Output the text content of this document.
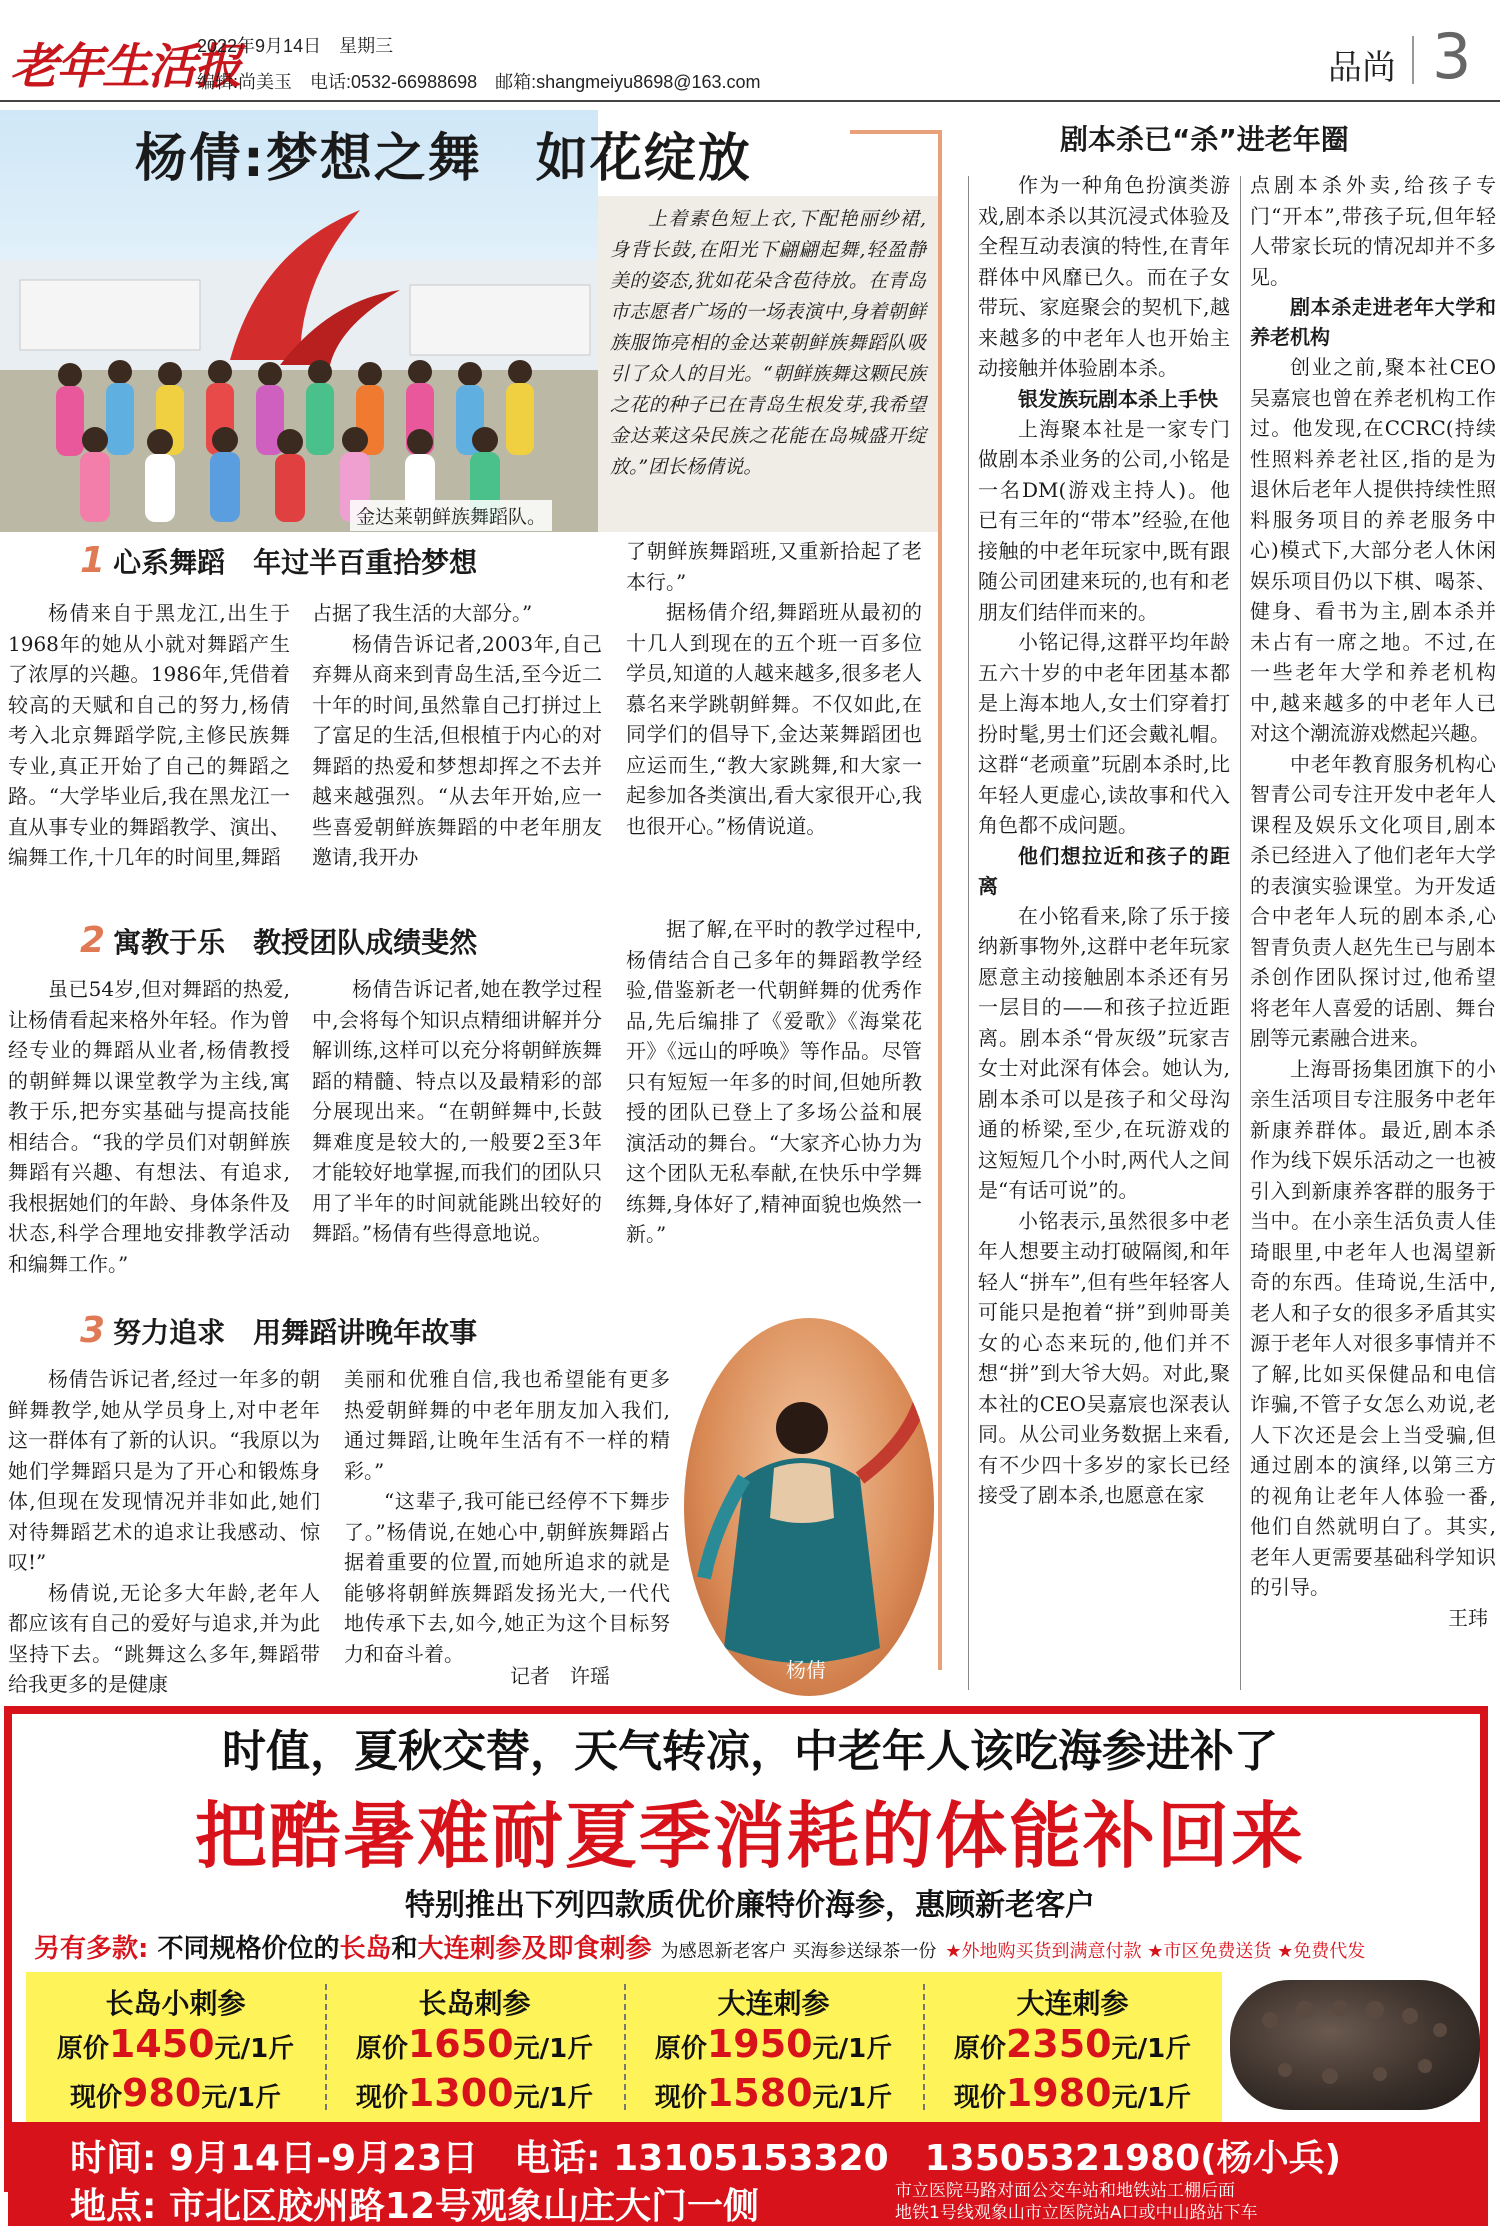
老年生活报
2022年9月14日　星期三
编辑:尚美玉　电话:0532-66988698　邮箱:shangmeiyu8698@163.com	品尚 3
杨倩:梦想之舞　如花绽放
金达莱朝鲜族舞蹈队。
上着素色短上衣,下配艳丽纱裙,身背长鼓,在阳光下翩翩起舞,轻盈静美的姿态,犹如花朵含苞待放。在青岛市志愿者广场的一场表演中,身着朝鲜族服饰亮相的金达莱朝鲜族舞蹈队吸引了众人的目光。“朝鲜族舞这颗民族之花的种子已在青岛生根发芽,我希望金达莱这朵民族之花能在岛城盛开绽放。”团长杨倩说。
1 心系舞蹈　年过半百重拾梦想

杨倩来自于黑龙江,出生于1968年的她从小就对舞蹈产生了浓厚的兴趣。1986年,凭借着较高的天赋和自己的努力,杨倩考入北京舞蹈学院,主修民族舞专业,真正开始了自己的舞蹈之路。“大学毕业后,我在黑龙江一直从事专业的舞蹈教学、演出、编舞工作,十几年的时间里,舞蹈

占据了我生活的大部分。”

杨倩告诉记者,2003年,自己弃舞从商来到青岛生活,至今近二十年的时间,虽然靠自己打拼过上了富足的生活,但根植于内心的对舞蹈的热爱和梦想却挥之不去并越来越强烈。“从去年开始,应一些喜爱朝鲜族舞蹈的中老年朋友邀请,我开办

了朝鲜族舞蹈班,又重新拾起了老本行。”

据杨倩介绍,舞蹈班从最初的十几人到现在的五个班一百多位学员,知道的人越来越多,很多老人慕名来学跳朝鲜舞。不仅如此,在同学们的倡导下,金达莱舞蹈团也应运而生,“教大家跳舞,和大家一起参加各类演出,看大家很开心,我也很开心。”杨倩说道。

2 寓教于乐　教授团队成绩斐然

虽已54岁,但对舞蹈的热爱,让杨倩看起来格外年轻。作为曾经专业的舞蹈从业者,杨倩教授的朝鲜舞以课堂教学为主线,寓教于乐,把夯实基础与提高技能相结合。“我的学员们对朝鲜族舞蹈有兴趣、有想法、有追求,我根据她们的年龄、身体条件及状态,科学合理地安排教学活动和编舞工作。”

杨倩告诉记者,她在教学过程中,会将每个知识点精细讲解并分解训练,这样可以充分将朝鲜族舞蹈的精髓、特点以及最精彩的部分展现出来。“在朝鲜舞中,长鼓舞难度是较大的,一般要2至3年才能较好地掌握,而我们的团队只用了半年的时间就能跳出较好的舞蹈。”杨倩有些得意地说。

据了解,在平时的教学过程中,杨倩结合自己多年的舞蹈教学经验,借鉴新老一代朝鲜舞的优秀作品,先后编排了《爱歌》《海棠花开》《远山的呼唤》等作品。尽管只有短短一年多的时间,但她所教授的团队已登上了多场公益和展演活动的舞台。“大家齐心协力为这个团队无私奉献,在快乐中学舞练舞,身体好了,精神面貌也焕然一新。”

3 努力追求　用舞蹈讲晚年故事

杨倩告诉记者,经过一年多的朝鲜舞教学,她从学员身上,对中老年这一群体有了新的认识。“我原以为她们学舞蹈只是为了开心和锻炼身体,但现在发现情况并非如此,她们对待舞蹈艺术的追求让我感动、惊叹!”

杨倩说,无论多大年龄,老年人都应该有自己的爱好与追求,并为此坚持下去。“跳舞这么多年,舞蹈带给我更多的是健康

美丽和优雅自信,我也希望能有更多热爱朝鲜舞的中老年朋友加入我们,通过舞蹈,让晚年生活有不一样的精彩。”

“这辈子,我可能已经停不下舞步了。”杨倩说,在她心中,朝鲜族舞蹈占据着重要的位置,而她所追求的就是能够将朝鲜族舞蹈发扬光大,一代代地传承下去,如今,她正为这个目标努力和奋斗着。

记者　许瑶	杨倩
剧本杀已“杀”进老年圈

作为一种角色扮演类游戏,剧本杀以其沉浸式体验及全程互动表演的特性,在青年群体中风靡已久。而在子女带玩、家庭聚会的契机下,越来越多的中老年人也开始主动接触并体验剧本杀。

银发族玩剧本杀上手快

上海聚本社是一家专门做剧本杀业务的公司,小铭是一名DM(游戏主持人)。他已有三年的“带本”经验,在他接触的中老年玩家中,既有跟随公司团建来玩的,也有和老朋友们结伴而来的。

小铭记得,这群平均年龄五六十岁的中老年团基本都是上海本地人,女士们穿着打扮时髦,男士们还会戴礼帽。这群“老顽童”玩剧本杀时,比年轻人更虚心,读故事和代入角色都不成问题。

他们想拉近和孩子的距离

在小铭看来,除了乐于接纳新事物外,这群中老年玩家愿意主动接触剧本杀还有另一层目的——和孩子拉近距离。剧本杀“骨灰级”玩家吉女士对此深有体会。她认为,剧本杀可以是孩子和父母沟通的桥梁,至少,在玩游戏的这短短几个小时,两代人之间是“有话可说”的。

小铭表示,虽然很多中老年人想要主动打破隔阂,和年轻人“拼车”,但有些年轻客人可能只是抱着“拼”到帅哥美女的心态来玩的,他们并不想“拼”到大爷大妈。对此,聚本社的CEO吴嘉宸也深表认同。从公司业务数据上来看,有不少四十多岁的家长已经接受了剧本杀,也愿意在家

点剧本杀外卖,给孩子专门“开本”,带孩子玩,但年轻人带家长玩的情况却并不多见。

剧本杀走进老年大学和养老机构

创业之前,聚本社CEO吴嘉宸也曾在养老机构工作过。他发现,在CCRC(持续性照料养老社区,指的是为退休后老年人提供持续性照料服务项目的养老服务中心)模式下,大部分老人休闲娱乐项目仍以下棋、喝茶、健身、看书为主,剧本杀并未占有一席之地。不过,在一些老年大学和养老机构中,越来越多的中老年人已对这个潮流游戏燃起兴趣。

中老年教育服务机构心智青公司专注开发中老年人课程及娱乐文化项目,剧本杀已经进入了他们老年大学的表演实验课堂。为开发适合中老年人玩的剧本杀,心智青负责人赵先生已与剧本杀创作团队探讨过,他希望将老年人喜爱的话剧、舞台剧等元素融合进来。

上海哥扬集团旗下的小亲生活项目专注服务中老年新康养群体。最近,剧本杀作为线下娱乐活动之一也被引入到新康养客群的服务于当中。在小亲生活负责人佳琦眼里,中老年人也渴望新奇的东西。佳琦说,生活中,老人和子女的很多矛盾其实源于老年人对很多事情并不了解,比如买保健品和电信诈骗,不管子女怎么劝说,老人下次还是会上当受骗,但通过剧本的演绎,以第三方的视角让老年人体验一番,他们自然就明白了。其实,老年人更需要基础科学知识的引导。

王玮
时值，夏秋交替，天气转凉，中老年人该吃海参进补了
把酷暑难耐夏季消耗的体能补回来
特别推出下列四款质优价廉特价海参，惠顾新老客户
另有多款: 不同规格价位的长岛和大连刺参及即食刺参 为感恩新老客户 买海参送绿茶一份 ★外地购买货到满意付款 ★市区免费送货 ★免费代发
长岛小刺参
原价1450元/1斤
现价980元/1斤
长岛刺参
原价1650元/1斤
现价1300元/1斤
大连刺参
原价1950元/1斤
现价1580元/1斤
大连刺参
原价2350元/1斤
现价1980元/1斤
时间: 9月14日-9月23日　电话: 13105153320　13505321980(杨小兵)
地点: 市北区胶州路12号观象山庄大门一侧	市立医院马路对面公交车站和地铁站工棚后面
地铁1号线观象山市立医院站A口或中山路站下车
